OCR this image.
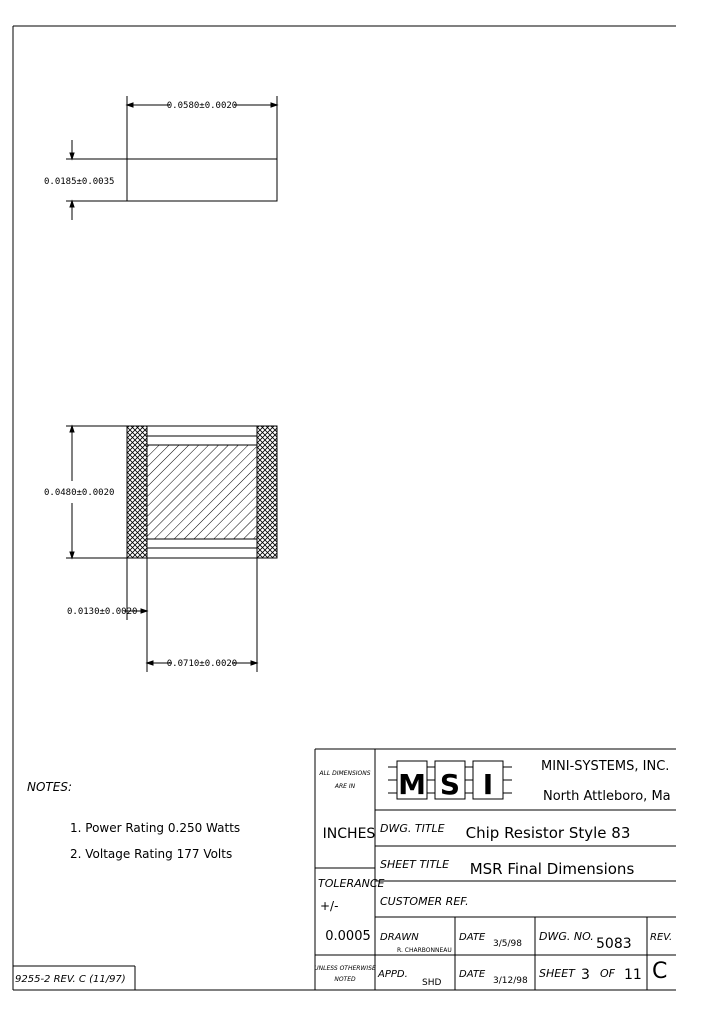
0.0580±0.0020
0.0185±0.0035
0.0480±0.0020
0.0130±0.0020
0.0710±0.0020
NOTES:
1. Power Rating 0.250 Watts
2. Voltage Rating 177 Volts
9255-2 REV. C (11/97)
ALL DIMENSIONS
ARE IN
INCHES
TOLERANCE
+/-
0.0005
UNLESS OTHERWISE
NOTED
M S I
MINI-SYSTEMS, INC.
North Attleboro, Ma
DWG. TITLE Chip Resistor Style 83
SHEET TITLE MSR Final Dimensions
CUSTOMER REF.
DRAWN
R. CHARBONNEAU
DATE
3/5/98
DWG. NO. 5083 REV.
APPD.
SHD
DATE
3/12/98
SHEET 3 OF 11 C
